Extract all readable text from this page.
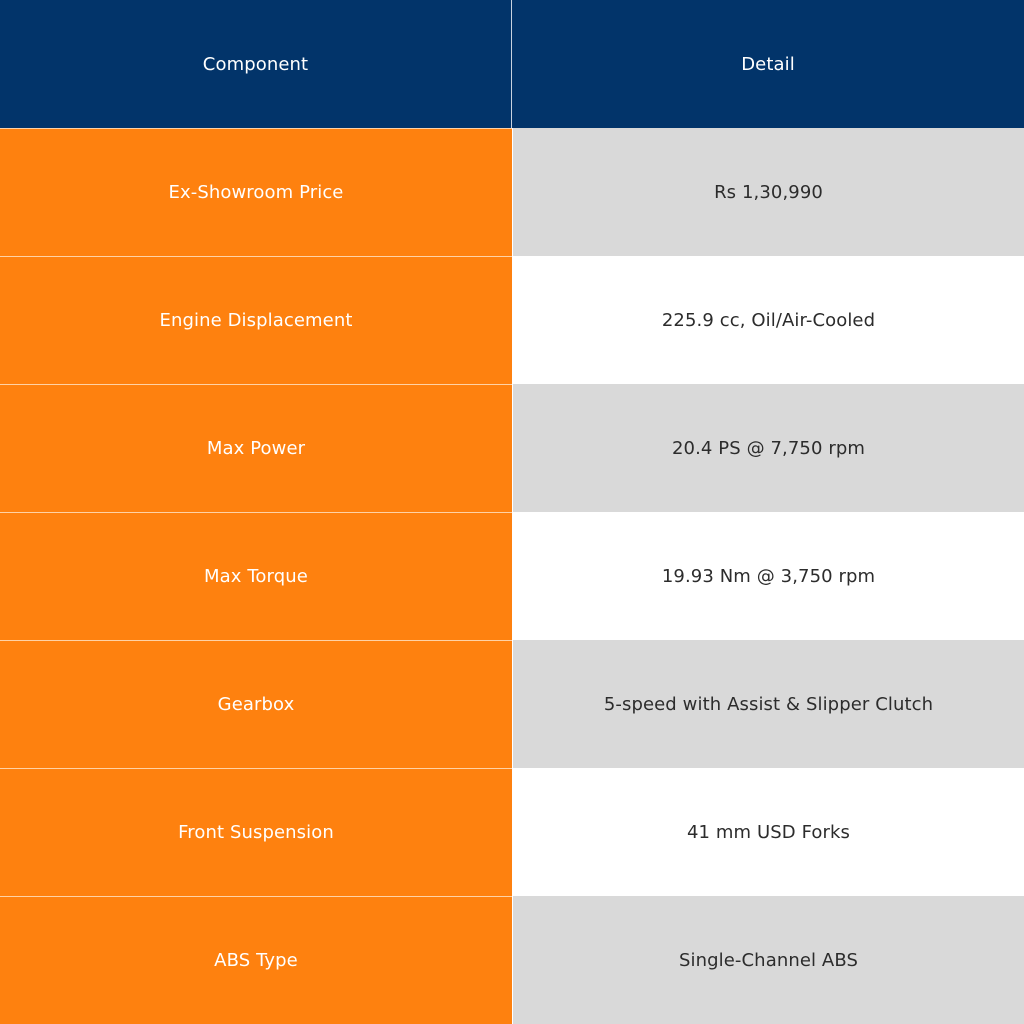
Component	Detail
Ex-Showroom Price	Rs 1,30,990
Engine Displacement	225.9 cc, Oil/Air-Cooled
Max Power	20.4 PS @ 7,750 rpm
Max Torque	19.93 Nm @ 3,750 rpm
Gearbox	5-speed with Assist & Slipper Clutch
Front Suspension	41 mm USD Forks
ABS Type	Single-Channel ABS
